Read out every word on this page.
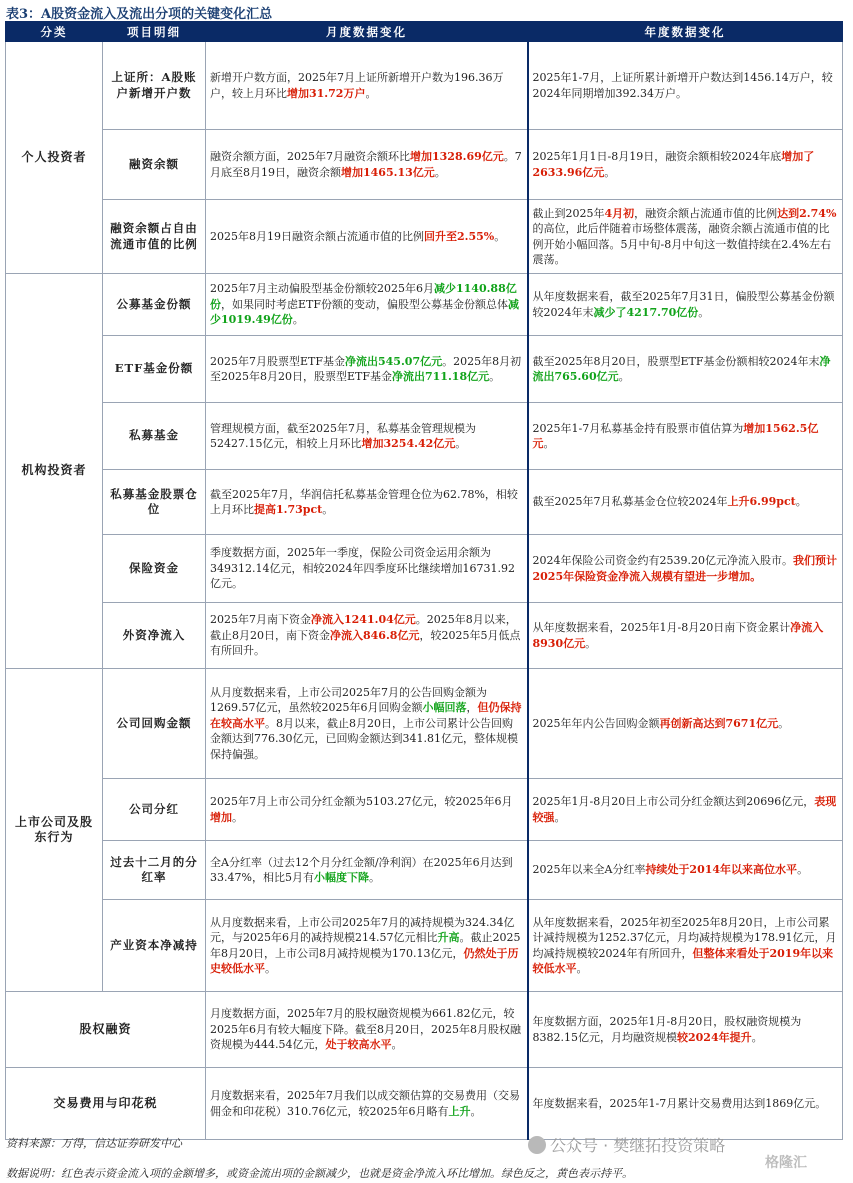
表3：A股资金流入及流出分项的关键变化汇总
分类	项目明细	月度数据变化	年度数据变化
个人投资者	上证所：A股账户新增开户数	新增开户数方面，2025年7月上证所新增开户数为196.36万户，较上月环比增加31.72万户。	2025年1-7月，上证所累计新增开户数达到1456.14万户，较2024年同期增加392.34万户。
	融资余额	融资余额方面，2025年7月融资余额环比增加1328.69亿元。7月底至8月19日，融资余额增加1465.13亿元。	2025年1月1日-8月19日，融资余额相较2024年底增加了2633.96亿元。
	融资余额占自由流通市值的比例	2025年8月19日融资余额占流通市值的比例回升至2.55%。	截止到2025年4月初，融资余额占流通市值的比例达到2.74%的高位，此后伴随着市场整体震荡，融资余额占流通市值的比例开始小幅回落。5月中旬-8月中旬这一数值持续在2.4%左右震荡。
机构投资者	公募基金份额	2025年7月主动偏股型基金份额较2025年6月减少1140.88亿份，如果同时考虑ETF份额的变动，偏股型公募基金份额总体减少1019.49亿份。	从年度数据来看，截至2025年7月31日，偏股型公募基金份额较2024年末减少了4217.70亿份。
	ETF基金份额	2025年7月股票型ETF基金净流出545.07亿元。2025年8月初至2025年8月20日，股票型ETF基金净流出711.18亿元。	截至2025年8月20日，股票型ETF基金份额相较2024年末净流出765.60亿元。
	私募基金	管理规模方面，截至2025年7月，私募基金管理规模为52427.15亿元，相较上月环比增加3254.42亿元。	2025年1-7月私募基金持有股票市值估算为增加1562.5亿元。
	私募基金股票仓位	截至2025年7月，华润信托私募基金管理仓位为62.78%，相较上月环比提高1.73pct。	截至2025年7月私募基金仓位较2024年上升6.99pct。
	保险资金	季度数据方面，2025年一季度，保险公司资金运用余额为349312.14亿元，相较2024年四季度环比继续增加16731.92亿元。	2024年保险公司资金约有2539.20亿元净流入股市。我们预计2025年保险资金净流入规模有望进一步增加。
	外资净流入	2025年7月南下资金净流入1241.04亿元。2025年8月以来，截止8月20日，南下资金净流入846.8亿元，较2025年5月低点有所回升。	从年度数据来看，2025年1月-8月20日南下资金累计净流入8930亿元。
上市公司及股东行为	公司回购金额	从月度数据来看，上市公司2025年7月的公告回购金额为1269.57亿元，虽然较2025年6月回购金额小幅回落，但仍保持在较高水平。8月以来，截止8月20日，上市公司累计公告回购金额达到776.30亿元，已回购金额达到341.81亿元，整体规模保持偏强。	2025年年内公告回购金额再创新高达到7671亿元。
	公司分红	2025年7月上市公司分红金额为5103.27亿元，较2025年6月增加。	2025年1月-8月20日上市公司分红金额达到20696亿元，表现较强。
	过去十二月的分红率	全A分红率（过去12个月分红金额/净利润）在2025年6月达到33.47%，相比5月有小幅度下降。	2025年以来全A分红率持续处于2014年以来高位水平。
	产业资本净减持	从月度数据来看，上市公司2025年7月的减持规模为324.34亿元，与2025年6月的减持规模214.57亿元相比升高。截止2025年8月20日，上市公司8月减持规模为170.13亿元，仍然处于历史较低水平。	从年度数据来看，2025年初至2025年8月20日，上市公司累计减持规模为1252.37亿元，月均减持规模为178.91亿元，月均减持规模较2024年有所回升，但整体来看处于2019年以来较低水平。
股权融资		月度数据方面，2025年7月的股权融资规模为661.82亿元，较2025年6月有较大幅度下降。截至8月20日，2025年8月股权融资规模为444.54亿元，处于较高水平。	年度数据方面，2025年1月-8月20日，股权融资规模为8382.15亿元，月均融资规模较2024年提升。
交易费用与印花税		月度数据来看，2025年7月我们以成交额估算的交易费用（交易佣金和印花税）310.76亿元，较2025年6月略有上升。	年度数据来看，2025年1-7月累计交易费用达到1869亿元。
资料来源：万得，信达证券研发中心	公众号 · 樊继拓投资策略
格隆汇
数据说明：红色表示资金流入项的金额增多，或资金流出项的金额减少，也就是资金净流入环比增加。绿色反之，黄色表示持平。
